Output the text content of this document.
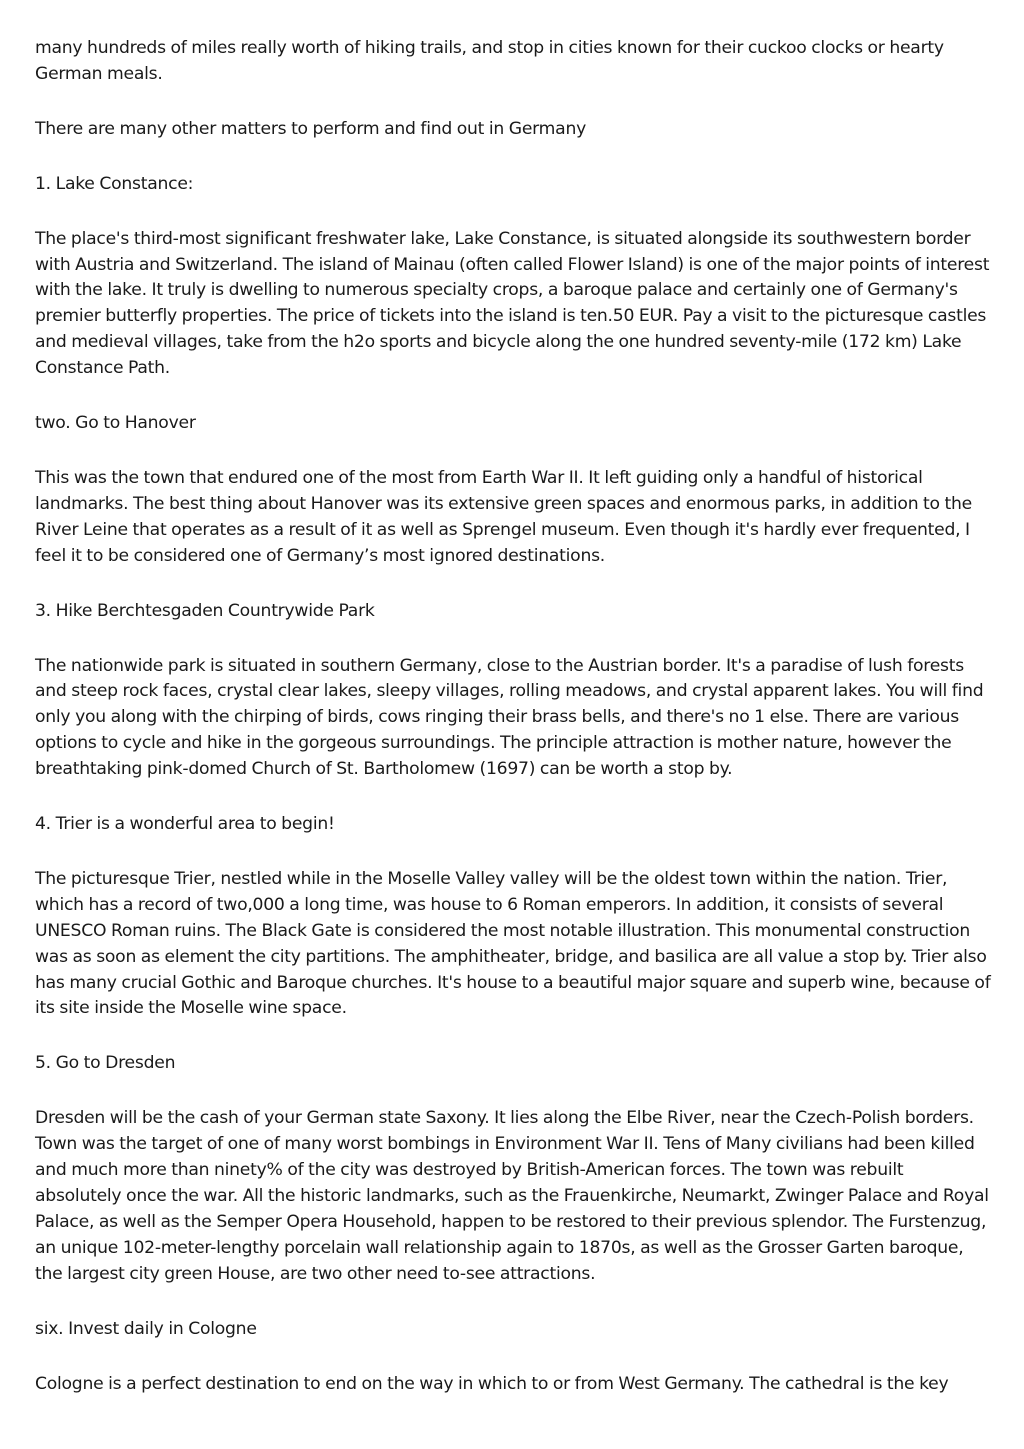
many hundreds of miles really worth of hiking trails, and stop in cities known for their cuckoo clocks or hearty German meals.

There are many other matters to perform and find out in Germany

1. Lake Constance:

The place's third-most significant freshwater lake, Lake Constance, is situated alongside its southwestern border with Austria and Switzerland. The island of Mainau (often called Flower Island) is one of the major points of interest with the lake. It truly is dwelling to numerous specialty crops, a baroque palace and certainly one of Germany's premier butterfly properties. The price of tickets into the island is ten.50 EUR. Pay a visit to the picturesque castles and medieval villages, take from the h2o sports and bicycle along the one hundred seventy-mile (172 km) Lake Constance Path.

two. Go to Hanover

This was the town that endured one of the most from Earth War II. It left guiding only a handful of historical landmarks. The best thing about Hanover was its extensive green spaces and enormous parks, in addition to the River Leine that operates as a result of it as well as Sprengel museum. Even though it's hardly ever frequented, I feel it to be considered one of Germany’s most ignored destinations.

3. Hike Berchtesgaden Countrywide Park

The nationwide park is situated in southern Germany, close to the Austrian border. It's a paradise of lush forests and steep rock faces, crystal clear lakes, sleepy villages, rolling meadows, and crystal apparent lakes. You will find only you along with the chirping of birds, cows ringing their brass bells, and there's no 1 else. There are various options to cycle and hike in the gorgeous surroundings. The principle attraction is mother nature, however the breathtaking pink-domed Church of St. Bartholomew (1697) can be worth a stop by.

4. Trier is a wonderful area to begin!

The picturesque Trier, nestled while in the Moselle Valley valley will be the oldest town within the nation. Trier, which has a record of two,000 a long time, was house to 6 Roman emperors. In addition, it consists of several UNESCO Roman ruins. The Black Gate is considered the most notable illustration. This monumental construction was as soon as element the city partitions. The amphitheater, bridge, and basilica are all value a stop by. Trier also has many crucial Gothic and Baroque churches. It's house to a beautiful major square and superb wine, because of its site inside the Moselle wine space.

5. Go to Dresden

Dresden will be the cash of your German state Saxony. It lies along the Elbe River, near the Czech-Polish borders. Town was the target of one of many worst bombings in Environment War II. Tens of Many civilians had been killed and much more than ninety% of the city was destroyed by British-American forces. The town was rebuilt absolutely once the war. All the historic landmarks, such as the Frauenkirche, Neumarkt, Zwinger Palace and Royal Palace, as well as the Semper Opera Household, happen to be restored to their previous splendor. The Furstenzug, an unique 102-meter-lengthy porcelain wall relationship again to 1870s, as well as the Grosser Garten baroque, the largest city green House, are two other need to-see attractions.

six. Invest daily in Cologne

Cologne is a perfect destination to end on the way in which to or from West Germany. The cathedral is the key
